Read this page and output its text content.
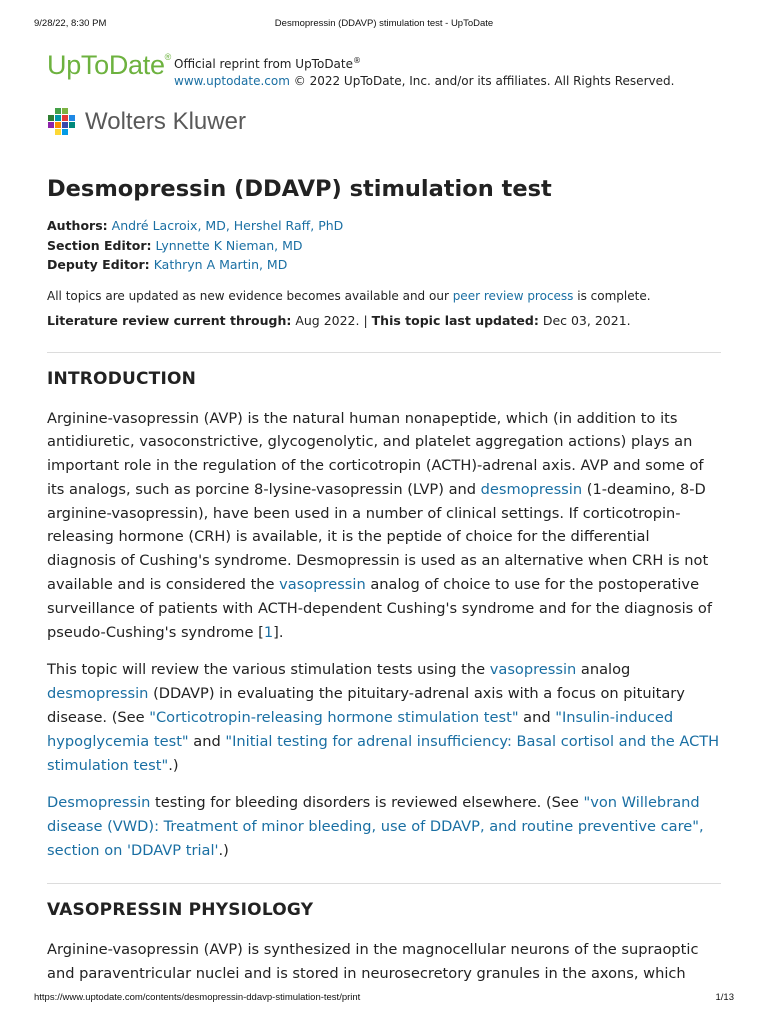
9/28/22, 8:30 PM	Desmopressin (DDAVP) stimulation test - UpToDate
UpToDate® Official reprint from UpToDate®
www.uptodate.com © 2022 UpToDate, Inc. and/or its affiliates. All Rights Reserved.
Wolters Kluwer
Desmopressin (DDAVP) stimulation test
Authors: André Lacroix, MD, Hershel Raff, PhD
Section Editor: Lynnette K Nieman, MD
Deputy Editor: Kathryn A Martin, MD
All topics are updated as new evidence becomes available and our peer review process is complete.
Literature review current through: Aug 2022. | This topic last updated: Dec 03, 2021.
INTRODUCTION

Arginine-vasopressin (AVP) is the natural human nonapeptide, which (in addition to its antidiuretic, vasoconstrictive, glycogenolytic, and platelet aggregation actions) plays an important role in the regulation of the corticotropin (ACTH)-adrenal axis. AVP and some of its analogs, such as porcine 8-lysine-vasopressin (LVP) and desmopressin (1-deamino, 8-D arginine-vasopressin), have been used in a number of clinical settings. If corticotropin-releasing hormone (CRH) is available, it is the peptide of choice for the differential diagnosis of Cushing's syndrome. Desmopressin is used as an alternative when CRH is not available and is considered the vasopressin analog of choice to use for the postoperative surveillance of patients with ACTH-dependent Cushing's syndrome and for the diagnosis of pseudo-Cushing's syndrome [1].

This topic will review the various stimulation tests using the vasopressin analog desmopressin (DDAVP) in evaluating the pituitary-adrenal axis with a focus on pituitary disease. (See "Corticotropin-releasing hormone stimulation test" and "Insulin-induced hypoglycemia test" and "Initial testing for adrenal insufficiency: Basal cortisol and the ACTH stimulation test".)

Desmopressin testing for bleeding disorders is reviewed elsewhere. (See "von Willebrand disease (VWD): Treatment of minor bleeding, use of DDAVP, and routine preventive care", section on 'DDAVP trial'.)

VASOPRESSIN PHYSIOLOGY

Arginine-vasopressin (AVP) is synthesized in the magnocellular neurons of the supraoptic and paraventricular nuclei and is stored in neurosecretory granules in the axons, which

https://www.uptodate.com/contents/desmopressin-ddavp-stimulation-test/print	1/13
